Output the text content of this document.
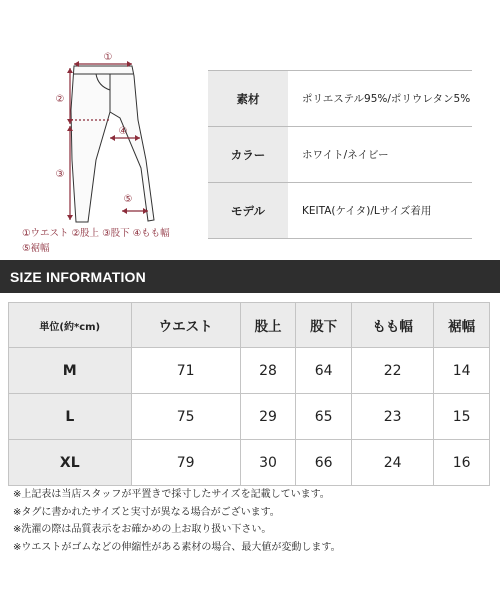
①
②
③
④
⑤
①ウエスト ②股上 ③股下 ④もも幅
⑤裾幅
素材	ポリエステル95%/ポリウレタン5%
カラー	ホワイト/ネイビー
モデル	KEITA(ケイタ)/Lサイズ着用
SIZE INFORMATION
単位(約*cm)	ウエスト	股上	股下	もも幅	裾幅
M	71	28	64	22	14
L	75	29	65	23	15
XL	79	30	66	24	16
※上記表は当店スタッフが平置きで採寸したサイズを記載しています。
※タグに書かれたサイズと実寸が異なる場合がございます。
※洗濯の際は品質表示をお確かめの上お取り扱い下さい。
※ウエストがゴムなどの伸縮性がある素材の場合、最大値が変動します。
